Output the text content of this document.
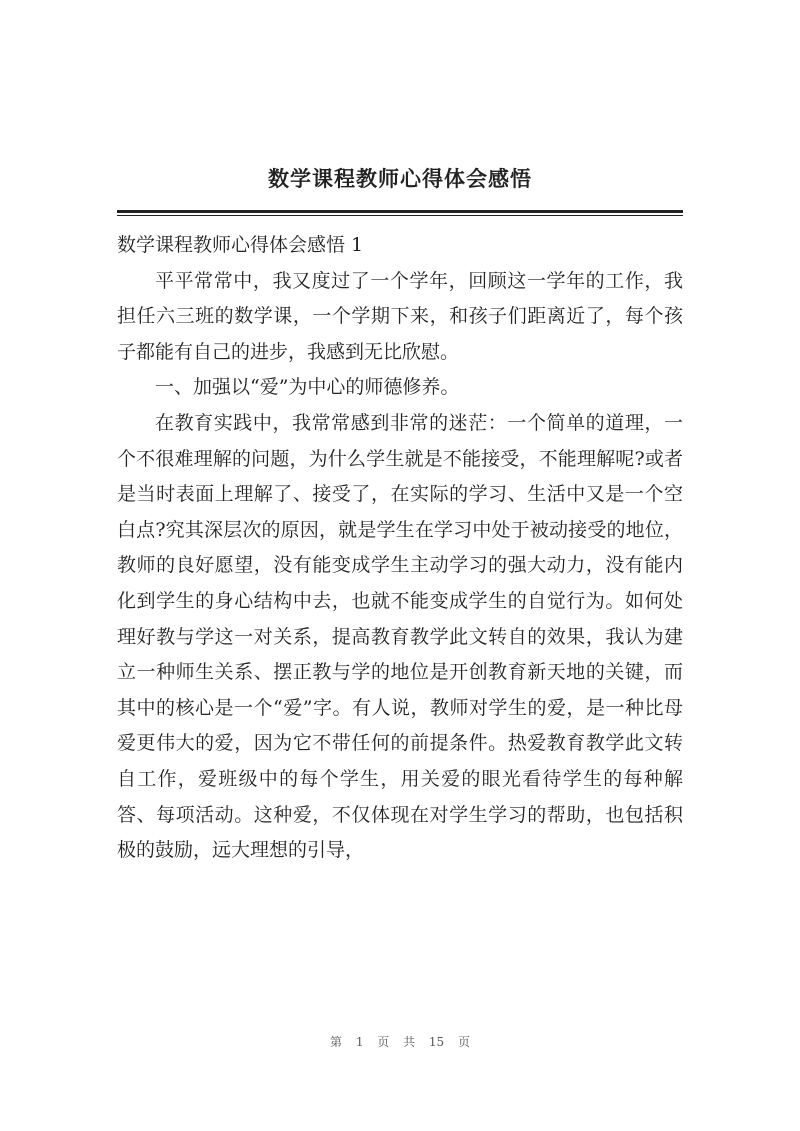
数学课程教师心得体会感悟

数学课程教师心得体会感悟 1

平平常常中，我又度过了一个学年，回顾这一学年的工作，我担任六三班的数学课，一个学期下来，和孩子们距离近了，每个孩子都能有自己的进步，我感到无比欣慰。

一、加强以“爱”为中心的师德修养。

在教育实践中，我常常感到非常的迷茫：一个简单的道理，一个不很难理解的问题，为什么学生就是不能接受，不能理解呢?或者是当时表面上理解了、接受了，在实际的学习、生活中又是一个空白点?究其深层次的原因，就是学生在学习中处于被动接受的地位，教师的良好愿望，没有能变成学生主动学习的强大动力，没有能内化到学生的身心结构中去，也就不能变成学生的自觉行为。如何处理好教与学这一对关系，提高教育教学此文转自的效果，我认为建立一种师生关系、摆正教与学的地位是开创教育新天地的关键，而其中的核心是一个“爱”字。有人说，教师对学生的爱，是一种比母爱更伟大的爱，因为它不带任何的前提条件。热爱教育教学此文转自工作，爱班级中的每个学生，用关爱的眼光看待学生的每种解答、每项活动。这种爱，不仅体现在对学生学习的帮助，也包括积极的鼓励，远大理想的引导，

第 1 页 共 15 页
